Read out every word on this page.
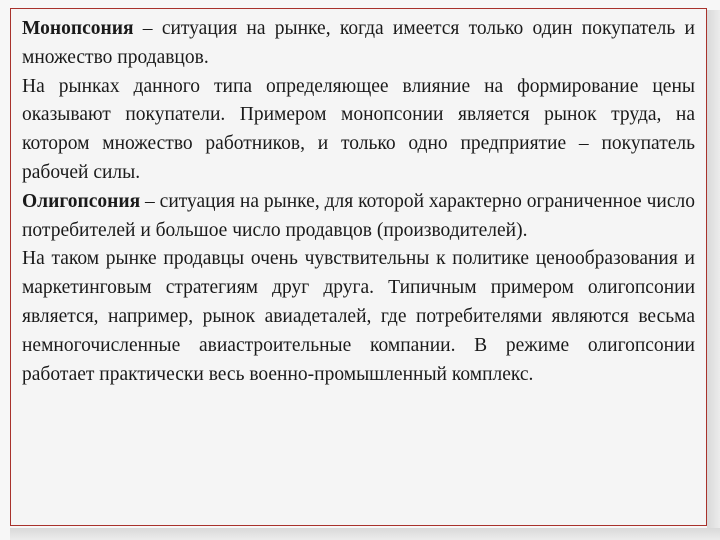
Монопсония – ситуация на рынке, когда имеется только один покупатель и множество продавцов.

На рынках данного типа определяющее влияние на формирование цены оказывают покупатели. Примером монопсонии является рынок труда, на котором множество работников, и только одно предприятие – покупатель рабочей силы.

Олигопсония – ситуация на рынке, для которой характерно ограниченное число потребителей и большое число продавцов (производителей).

На таком рынке продавцы очень чувствительны к политике ценообразования и маркетинговым стратегиям друг друга. Типичным примером олигопсонии является, например, рынок авиадеталей, где потребителями являются весьма немногочисленные авиастроительные компании. В режиме олигопсонии работает практически весь военно-промышленный комплекс.
